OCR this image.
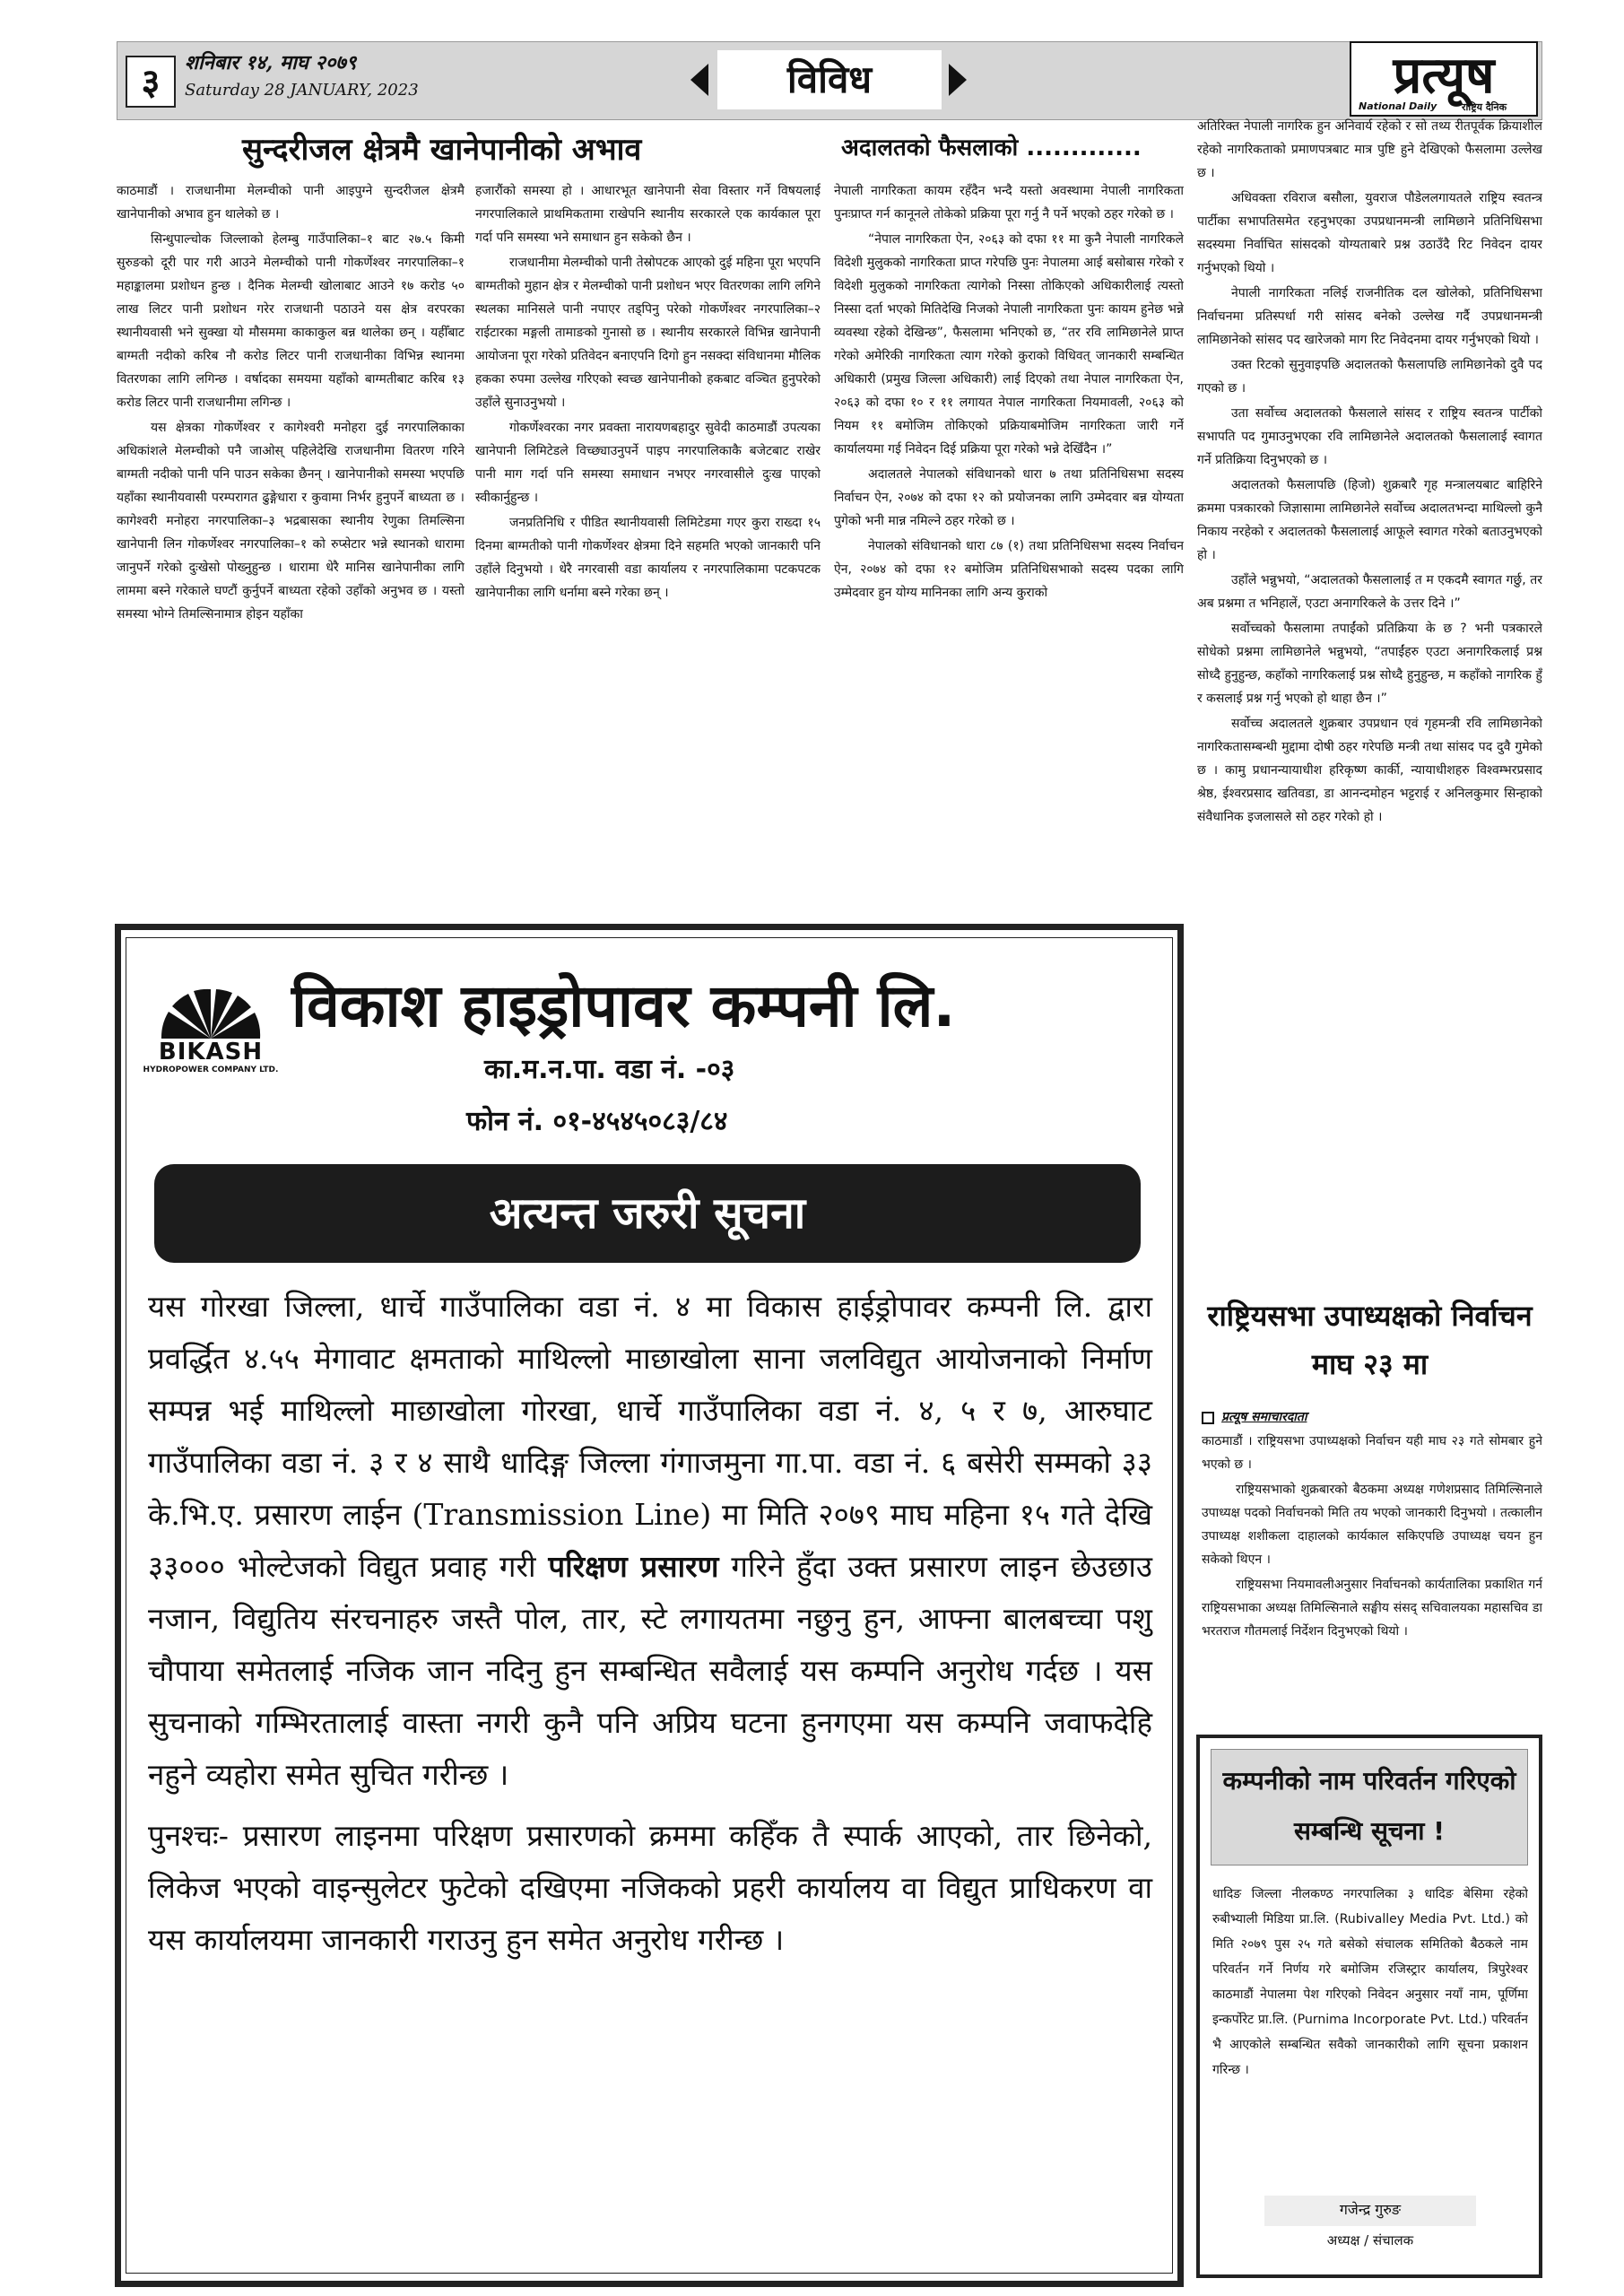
३	शनिबार १४, माघ २०७९
Saturday 28 JANUARY, 2023	विविध	प्रत्यूष
National Daily	राष्ट्रिय दैनिक
सुन्दरीजल क्षेत्रमै खानेपानीको अभाव

काठमाडौं । राजधानीमा मेलम्चीको पानी आइपुग्ने सुन्दरीजल क्षेत्रमै खानेपानीको अभाव हुन थालेको छ ।

सिन्धुपाल्चोक जिल्लाको हेलम्बु गाउँपालिका–१ बाट २७.५ किमी सुरुङको दूरी पार गरी आउने मेलम्चीको पानी गोकर्णेश्वर नगरपालिका–१ महाङ्कालमा प्रशोधन हुन्छ । दैनिक मेलम्ची खोलाबाट आउने १७ करोड ५० लाख लिटर पानी प्रशोधन गरेर राजधानी पठाउने यस क्षेत्र वरपरका स्थानीयवासी भने सुक्खा यो मौसममा काकाकुल बन्न थालेका छन् । यहीँबाट बाग्मती नदीको करिब नौ करोड लिटर पानी राजधानीका विभिन्न स्थानमा वितरणका लागि लगिन्छ । वर्षादका समयमा यहाँको बाग्मतीबाट करिब १३ करोड लिटर पानी राजधानीमा लगिन्छ ।

यस क्षेत्रका गोकर्णेश्वर र कागेश्वरी मनोहरा दुई नगरपालिकाका अधिकांशले मेलम्चीको पनै जाओस् पहिलेदेखि राजधानीमा वितरण गरिने बाग्मती नदीको पानी पनि पाउन सकेका छैनन् । खानेपानीको समस्या भएपछि यहाँका स्थानीयवासी परम्परागत ढुङ्गेधारा र कुवामा निर्भर हुनुपर्ने बाध्यता छ । कागेश्वरी मनोहरा नगरपालिका–३ भद्रबासका स्थानीय रेणुका तिमल्सिना खानेपानी लिन गोकर्णेश्वर नगरपालिका–१ को रुप्सेटार भन्ने स्थानको धारामा जानुपर्ने गरेको दुःखेसो पोख्नुहुन्छ । धारामा धेरै मानिस खानेपानीका लागि लाममा बस्ने गरेकाले घण्टौं कुर्नुपर्ने बाध्यता रहेको उहाँको अनुभव छ । यस्तो समस्या भोग्ने तिमल्सिनामात्र होइन यहाँका

हजारौंको समस्या हो । आधारभूत खानेपानी सेवा विस्तार गर्ने विषयलाई नगरपालिकाले प्राथमिकतामा राखेपनि स्थानीय सरकारले एक कार्यकाल पूरा गर्दा पनि समस्या भने समाधान हुन सकेको छैन ।

राजधानीमा मेलम्चीको पानी तेस्रोपटक आएको दुई महिना पूरा भएपनि बाग्मतीको मुहान क्षेत्र र मेलम्चीको पानी प्रशोधन भएर वितरणका लागि लगिने स्थलका मानिसले पानी नपाएर तड्पिनु परेको गोकर्णेश्वर नगरपालिका–२ राईटारका मङ्गली तामाङको गुनासो छ । स्थानीय सरकारले विभिन्न खानेपानी आयोजना पूरा गरेको प्रतिवेदन बनाएपनि दिगो हुन नसक्दा संविधानमा मौलिक हकका रुपमा उल्लेख गरिएको स्वच्छ खानेपानीको हकबाट वञ्चित हुनुपरेको उहाँले सुनाउनुभयो ।

गोकर्णेश्वरका नगर प्रवक्ता नारायणबहादुर सुवेदी काठमाडौं उपत्यका खानेपानी लिमिटेडले विच्छ्याउनुपर्ने पाइप नगरपालिकाकै बजेटबाट राखेर पानी माग गर्दा पनि समस्या समाधान नभएर नगरवासीले दुःख पाएको स्वीकार्नुहुन्छ ।

जनप्रतिनिधि र पीडित स्थानीयवासी लिमिटेडमा गएर कुरा राख्दा १५ दिनमा बाग्मतीको पानी गोकर्णेश्वर क्षेत्रमा दिने सहमति भएको जानकारी पनि उहाँले दिनुभयो । धेरै नगरवासी वडा कार्यालय र नगरपालिकामा पटकपटक खानेपानीका लागि धर्नामा बस्ने गरेका छन् ।

अदालतको फैसलाको .............

नेपाली नागरिकता कायम रहँदैन भन्दै यस्तो अवस्थामा नेपाली नागरिकता पुनःप्राप्त गर्न कानूनले तोकेको प्रक्रिया पूरा गर्नु नै पर्ने भएको ठहर गरेको छ ।

“नेपाल नागरिकता ऐन, २०६३ को दफा ११ मा कुनै नेपाली नागरिकले विदेशी मुलुकको नागरिकता प्राप्त गरेपछि पुनः नेपालमा आई बसोबास गरेको र विदेशी मुलुकको नागरिकता त्यागेको निस्सा तोकिएको अधिकारीलाई त्यस्तो निस्सा दर्ता भएको मितिदेखि निजको नेपाली नागरिकता पुनः कायम हुनेछ भन्ने व्यवस्था रहेको देखिन्छ”, फैसलामा भनिएको छ, “तर रवि लामिछानेले प्राप्त गरेको अमेरिकी नागरिकता त्याग गरेको कुराको विधिवत् जानकारी सम्बन्धित अधिकारी (प्रमुख जिल्ला अधिकारी) लाई दिएको तथा नेपाल नागरिकता ऐन, २०६३ को दफा १० र ११ लगायत नेपाल नागरिकता नियमावली, २०६३ को नियम ११ बमोजिम तोकिएको प्रक्रियाबमोजिम नागरिकता जारी गर्ने कार्यालयमा गई निवेदन दिई प्रक्रिया पूरा गरेको भन्ने देखिँदैन ।”

अदालतले नेपालको संविधानको धारा ७ तथा प्रतिनिधिसभा सदस्य निर्वाचन ऐन, २०७४ को दफा १२ को प्रयोजनका लागि उम्मेदवार बन्न योग्यता पुगेको भनी मान्न नमिल्ने ठहर गरेको छ ।

नेपालको संविधानको धारा ८७ (१) तथा प्रतिनिधिसभा सदस्य निर्वाचन ऐन, २०७४ को दफा १२ बमोजिम प्रतिनिधिसभाको सदस्य पदका लागि उम्मेदवार हुन योग्य मानिनका लागि अन्य कुराको

अतिरिक्त नेपाली नागरिक हुन अनिवार्य रहेको र सो तथ्य रीतपूर्वक क्रियाशील रहेको नागरिकताको प्रमाणपत्रबाट मात्र पुष्टि हुने देखिएको फैसलामा उल्लेख छ ।

अधिवक्ता रविराज बसौला, युवराज पौडेललगायतले राष्ट्रिय स्वतन्त्र पार्टीका सभापतिसमेत रहनुभएका उपप्रधानमन्त्री लामिछाने प्रतिनिधिसभा सदस्यमा निर्वाचित सांसदको योग्यताबारे प्रश्न उठाउँदै रिट निवेदन दायर गर्नुभएको थियो ।

नेपाली नागरिकता नलिई राजनीतिक दल खोलेको, प्रतिनिधिसभा निर्वाचनमा प्रतिस्पर्धा गरी सांसद बनेको उल्लेख गर्दै उपप्रधानमन्त्री लामिछानेको सांसद पद खारेजको माग रिट निवेदनमा दायर गर्नुभएको थियो ।

उक्त रिटको सुनुवाइपछि अदालतको फैसलापछि लामिछानेको दुवै पद गएको छ ।

उता सर्वोच्च अदालतको फैसलाले सांसद र राष्ट्रिय स्वतन्त्र पार्टीको सभापति पद गुमाउनुभएका रवि लामिछानेले अदालतको फैसलालाई स्वागत गर्ने प्रतिक्रिया दिनुभएको छ ।

अदालतको फैसलापछि (हिजो) शुक्रबारै गृह मन्त्रालयबाट बाहिरिने क्रममा पत्रकारको जिज्ञासामा लामिछानेले सर्वोच्च अदालतभन्दा माथिल्लो कुनै निकाय नरहेको र अदालतको फैसलालाई आफूले स्वागत गरेको बताउनुभएको हो ।

उहाँले भन्नुभयो, “अदालतको फैसलालाई त म एकदमै स्वागत गर्छु, तर अब प्रश्नमा त भनिहालें, एउटा अनागरिकले के उत्तर दिने ।”

सर्वोच्चको फैसलामा तपाईंको प्रतिक्रिया के छ ? भनी पत्रकारले सोधेको प्रश्नमा लामिछानेले भन्नुभयो, “तपाईंहरु एउटा अनागरिकलाई प्रश्न सोध्दै हुनुहुन्छ, कहाँको नागरिकलाई प्रश्न सोध्दै हुनुहुन्छ, म कहाँको नागरिक हुँ र कसलाई प्रश्न गर्नु भएको हो थाहा छैन ।”

सर्वोच्च अदालतले शुक्रबार उपप्रधान एवं गृहमन्त्री रवि लामिछानेको नागरिकतासम्बन्धी मुद्दामा दोषी ठहर गरेपछि मन्त्री तथा सांसद पद दुवै गुमेको छ । कामु प्रधानन्यायाधीश हरिकृष्ण कार्की, न्यायाधीशहरु विश्वम्भरप्रसाद श्रेष्ठ, ईश्वरप्रसाद खतिवडा, डा आनन्दमोहन भट्टराई र अनिलकुमार सिन्हाको संवैधानिक इजलासले सो ठहर गरेको हो ।

BIKASH
HYDROPOWER COMPANY LTD.
विकाश हाइड्रोपावर कम्पनी लि.
का.म.न.पा. वडा नं. -०३
फोन नं. ०१-४५४५०८३/८४
अत्यन्त जरुरी सूचना

यस गोरखा जिल्ला, धार्चे गाउँपालिका वडा नं. ४ मा विकास हाईड्रोपावर कम्पनी लि. द्वारा प्रवर्द्धित ४.५५ मेगावाट क्षमताको माथिल्लो माछाखोला साना जलविद्युत आयोजनाको निर्माण सम्पन्न भई माथिल्लो माछाखोला गोरखा, धार्चे गाउँपालिका वडा नं. ४, ५ र ७, आरुघाट गाउँपालिका वडा नं. ३ र ४ साथै धादिङ्ग जिल्ला गंगाजमुना गा.पा. वडा नं. ६ बसेरी सम्मको ३३ के.भि.ए. प्रसारण लाईन (Transmission Line) मा मिति २०७९ माघ महिना १५ गते देखि ३३००० भोल्टेजको विद्युत प्रवाह गरी परिक्षण प्रसारण गरिने हुँदा उक्त प्रसारण लाइन छेउछाउ नजान, विद्युतिय संरचनाहरु जस्तै पोल, तार, स्टे लगायतमा नछुनु हुन, आफ्ना बालबच्चा पशु चौपाया समेतलाई नजिक जान नदिनु हुन सम्बन्धित सवैलाई यस कम्पनि अनुरोध गर्दछ । यस सुचनाको गम्भिरतालाई वास्ता नगरी कुनै पनि अप्रिय घटना हुनगएमा यस कम्पनि जवाफदेहि नहुने व्यहोरा समेत सुचित गरीन्छ ।

पुनश्चः- प्रसारण लाइनमा परिक्षण प्रसारणको क्रममा कहिँक तै स्पार्क आएको, तार छिनेको, लिकेज भएको वाइन्सुलेटर फुटेको दखिएमा नजिकको प्रहरी कार्यालय वा विद्युत प्राधिकरण वा यस कार्यालयमा जानकारी गराउनु हुन समेत अनुरोध गरीन्छ ।

राष्ट्रियसभा उपाध्यक्षको निर्वाचन माघ २३ मा
प्रत्यूष समाचारदाता

काठमाडौं । राष्ट्रियसभा उपाध्यक्षको निर्वाचन यही माघ २३ गते सोमबार हुने भएको छ ।

राष्ट्रियसभाको शुक्रबारको बैठकमा अध्यक्ष गणेशप्रसाद तिमिल्सिनाले उपाध्यक्ष पदको निर्वाचनको मिति तय भएको जानकारी दिनुभयो । तत्कालीन उपाध्यक्ष शशीकला दाहालको कार्यकाल सकिएपछि उपाध्यक्ष चयन हुन सकेको थिएन ।

राष्ट्रियसभा नियमावलीअनुसार निर्वाचनको कार्यतालिका प्रकाशित गर्न राष्ट्रियसभाका अध्यक्ष तिमिल्सिनाले सङ्घीय संसद् सचिवालयका महासचिव डा भरतराज गौतमलाई निर्देशन दिनुभएको थियो ।

कम्पनीको नाम परिवर्तन गरिएको सम्बन्धि सूचना !

धादिङ जिल्ला नीलकण्ठ नगरपालिका ३ धादिङ बेसिमा रहेको रुबीभ्याली मिडिया प्रा.लि. (Rubivalley Media Pvt. Ltd.) को मिति २०७९ पुस २५ गते बसेको संचालक समितिको बैठकले नाम परिवर्तन गर्ने निर्णय गरे बमोजिम रजिस्ट्रार कार्यालय, त्रिपुरेश्वर काठमाडौं नेपालमा पेश गरिएको निवेदन अनुसार नयाँ नाम, पूर्णिमा इन्कर्पोरेट प्रा.लि. (Purnima Incorporate Pvt. Ltd.) परिवर्तन भै आएकोले सम्बन्धित सवैको जानकारीको लागि सूचना प्रकाशन गरिन्छ ।

गजेन्द्र गुरुङ
अध्यक्ष / संचालक
